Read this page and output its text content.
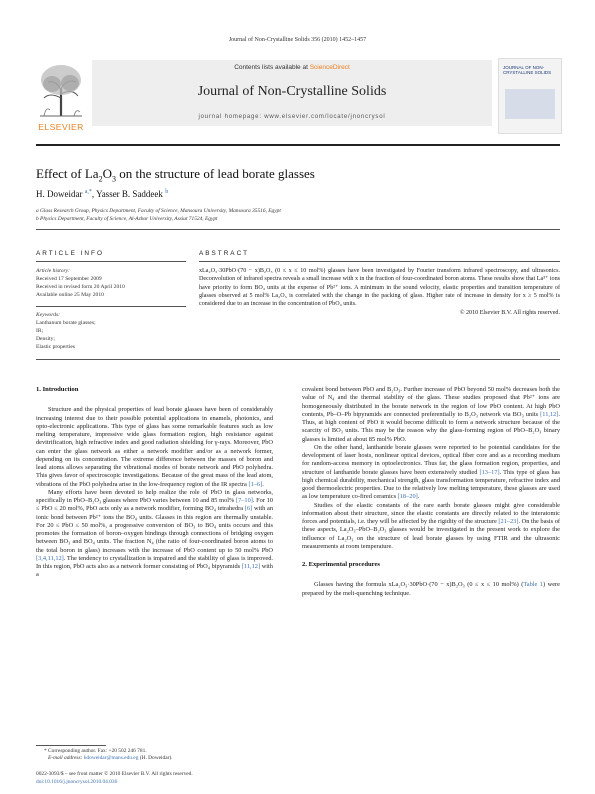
Journal of Non-Crystalline Solids 356 (2010) 1452–1457
ELSEVIER
Contents lists available at ScienceDirect
Journal of Non-Crystalline Solids
journal homepage: www.elsevier.com/locate/jnoncrysol
JOURNAL OF NON-CRYSTALLINE SOLIDS
Effect of $La_2O_3$ on the structure of lead borate glasses
H. Doweidar $^{a,*}$, Yasser B. Saddeek $^b$
a Glass Research Group, Physics Department, Faculty of Science, Mansoura University, Mansoura 35516, Egypt
b Physics Department, Faculty of Science, Al-Azhar University, Assiut 71524, Egypt
ARTICLE INFO
Article history:
Received 17 September 2009
Received in revised form 20 April 2010
Available online 25 May 2010
Keywords:
Lanthanum borate glasses;
IR;
Density;
Elastic properties
ABSTRACT

xLa₂O₃·30PbO·(70 − x)B₂O₃ (0 ≤ x ≤ 10 mol%) glasses have been investigated by Fourier transform infrared spectroscopy, and ultrasonics. Deconvolution of infrared spectra reveals a small increase with x in the fraction of four-coordinated boron atoms. These results show that La³⁺ ions have priority to form BO₄ units at the expense of Pb²⁺ ions. A minimum in the sound velocity, elastic properties and transition temperature of glasses observed at 5 mol% La₂O₃ is correlated with the change in the packing of glass. Higher rate of increase in density for x ≥ 5 mol% is considered due to an increase in the concentration of PbO₄ units.

© 2010 Elsevier B.V. All rights reserved.

1. Introduction

Structure and the physical properties of lead borate glasses have been of considerably increasing interest due to their possible potential applications in enamels, photonics, and opto-electronic applications. This type of glass has some remarkable features such as low melting temperature, impressive wide glass formation region, high resistance against devitrification, high refractive index and good radiation shielding for γ-rays. Moreover, PbO can enter the glass network as either a network modifier and/or as a network former, depending on its concentration. The extreme difference between the masses of boron and lead atoms allows separating the vibrational modes of borate network and PbO polyhedra. This gives favor of spectroscopic investigations. Because of the great mass of the lead atom, vibrations of the PbO polyhedra arise in the low-frequency region of the IR spectra [1–6].

Many efforts have been devoted to help realize the role of PbO in glass networks, specifically in PbO–B₂O₃ glasses where PbO varies between 10 and 85 mol% [7–10]. For 10 ≤ PbO ≤ 20 mol%, PbO acts only as a network modifier, forming BO₄ tetrahedra [6] with an ionic bond between Pb²⁺ ions the BO₄ units. Glasses in this region are thermally unstable. For 20 ≤ PbO ≤ 50 mol%, a progressive conversion of BO₃ to BO₄ units occurs and this promotes the formation of boron–oxygen bindings through connections of bridging oxygen between BO₃ and BO₄ units. The fraction N₄ (the ratio of four-coordinated boron atoms to the total boron in glass) increases with the increase of PbO content up to 50 mol% PbO [3,4,11,12]. The tendency to crystallization is impaired and the stability of glass is improved. In this region, PbO acts also as a network former consisting of PbO₄ bipyramids [11,12] with a

covalent bond between PbO and B₂O₃. Further increase of PbO beyond 50 mol% decreases both the value of N₄ and the thermal stability of the glass. These studies proposed that Pb²⁺ ions are homogeneously distributed in the borate network in the region of low PbO content. At high PbO contents, Pb–O–Pb bipyramids are connected preferentially to B₂O₃ network via BO₃ units [11,12]. Thus, at high content of PbO it would become difficult to form a network structure because of the scarcity of BO₃ units. This may be the reason why the glass-forming region of PbO–B₂O₃ binary glasses is limited at about 85 mol% PbO.

On the other hand, lanthanide borate glasses were reported to be potential candidates for the development of laser hosts, nonlinear optical devices, optical fiber core and as a recording medium for random-access memory in optoelectronics. Thus far, the glass formation region, properties, and structure of lanthanide borate glasses have been extensively studied [13–17]. This type of glass has high chemical durability, mechanical strength, glass transformation temperature, refractive index and good thermoelectric properties. Due to the relatively low melting temperature, these glasses are used as low temperature co-fired ceramics [18–20].

Studies of the elastic constants of the rare earth borate glasses might give considerable information about their structure, since the elastic constants are directly related to the interatomic forces and potentials, i.e. they will be affected by the rigidity of the structure [21–23]. On the basis of these aspects, La₂O₃–PbO–B₂O₃ glasses would be investigated in the present work to explore the influence of La₂O₃ on the structure of lead borate glasses by using FTIR and the ultrasonic measurements at room temperature.

2. Experimental procedures

Glasses having the formula xLa₂O₃·30PbO·(70 − x)B₂O₃ (0 ≤ x ≤ 10 mol%) (Table 1) were prepared by the melt-quenching technique.

* Corresponding author. Fax: +20 502 246 781.
E-mail address: hdoweidar@mans.edu.eg (H. Doweidar).
0022-3093/$ – see front matter © 2010 Elsevier B.V. All rights reserved.
doi:10.1016/j.jnoncrysol.2010.04.036
